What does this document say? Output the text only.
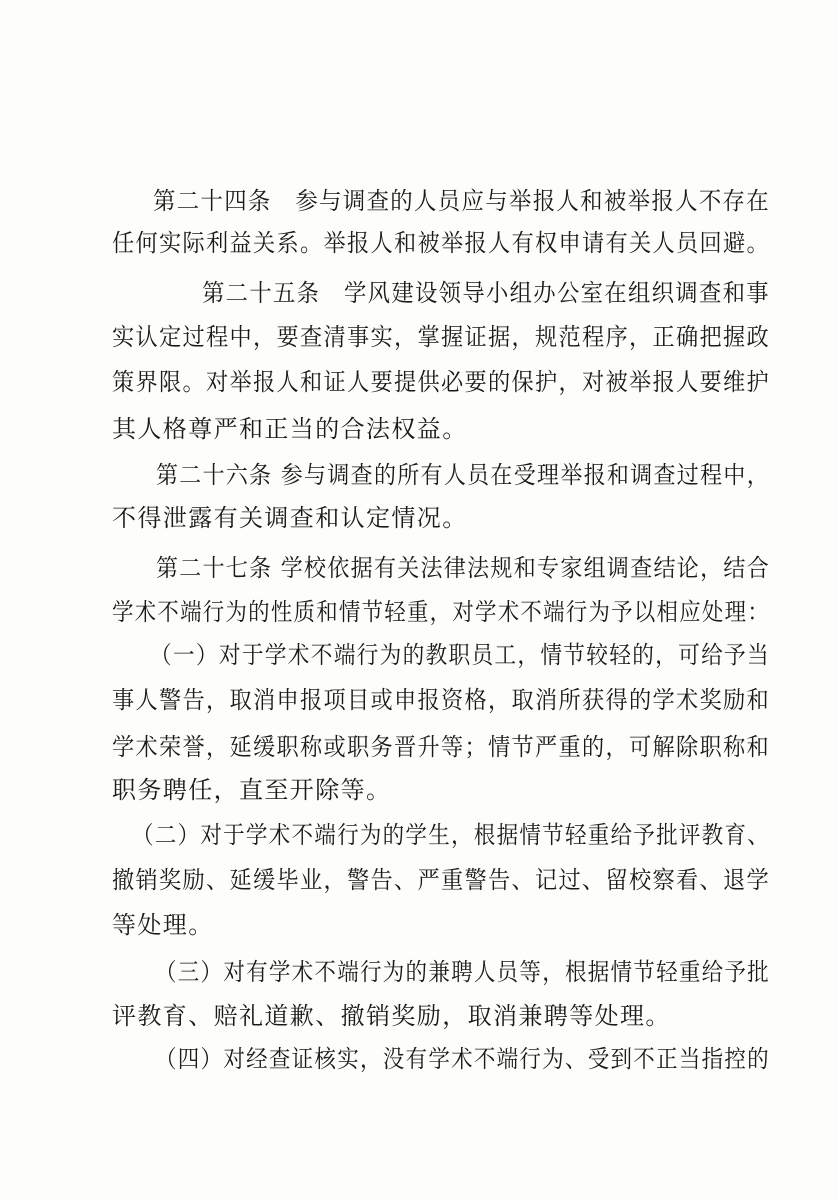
第二十四条　参与调查的人员应与举报人和被举报人不存在
任何实际利益关系。举报人和被举报人有权申请有关人员回避。
第二十五条　学风建设领导小组办公室在组织调查和事
实认定过程中，要查清事实，掌握证据，规范程序，正确把握政
策界限。对举报人和证人要提供必要的保护，对被举报人要维护
其人格尊严和正当的合法权益。
第二十六条 参与调查的所有人员在受理举报和调查过程中，
不得泄露有关调查和认定情况。
第二十七条 学校依据有关法律法规和专家组调查结论，结合
学术不端行为的性质和情节轻重，对学术不端行为予以相应处理：
（一）对于学术不端行为的教职员工，情节较轻的，可给予当
事人警告，取消申报项目或申报资格，取消所获得的学术奖励和
学术荣誉，延缓职称或职务晋升等；情节严重的，可解除职称和
职务聘任，直至开除等。
（二）对于学术不端行为的学生，根据情节轻重给予批评教育、
撤销奖励、延缓毕业，警告、严重警告、记过、留校察看、退学
等处理。
（三）对有学术不端行为的兼聘人员等，根据情节轻重给予批
评教育、赔礼道歉、撤销奖励，取消兼聘等处理。
（四）对经查证核实，没有学术不端行为、受到不正当指控的
